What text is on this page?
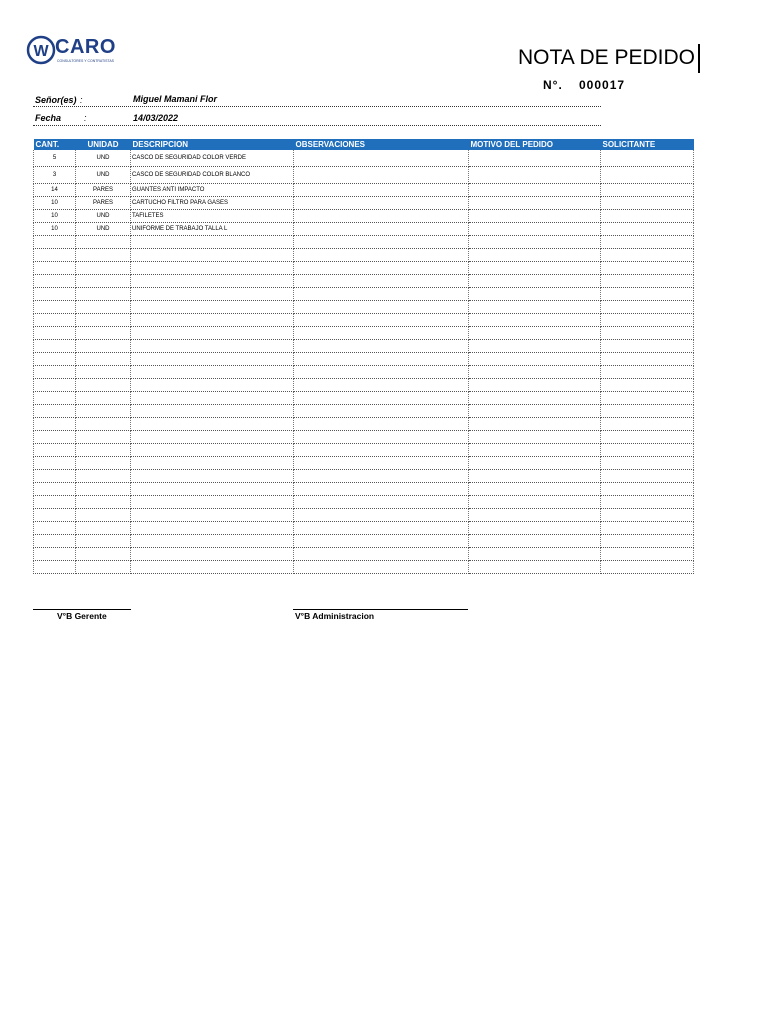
W CARO
CONSULTORES Y CONTRATISTAS	NOTA DE PEDIDO
N°. 000017
Señor(es) :	Miguel Mamani Flor
Fecha	:	14/03/2022
CANT.	UNIDAD	DESCRIPCION	OBSERVACIONES	MOTIVO DEL PEDIDO	SOLICITANTE
5	UND	CASCO DE SEGURIDAD COLOR VERDE			
3	UND	CASCO DE SEGURIDAD COLOR BLANCO			
14	PARES	GUANTES ANTI IMPACTO			
10	PARES	CARTUCHO FILTRO PARA GASES			
10	UND	TAFILETES			
10	UND	UNIFORME DE TRABAJO TALLA L			

V°B Gerente	V°B Administracion
